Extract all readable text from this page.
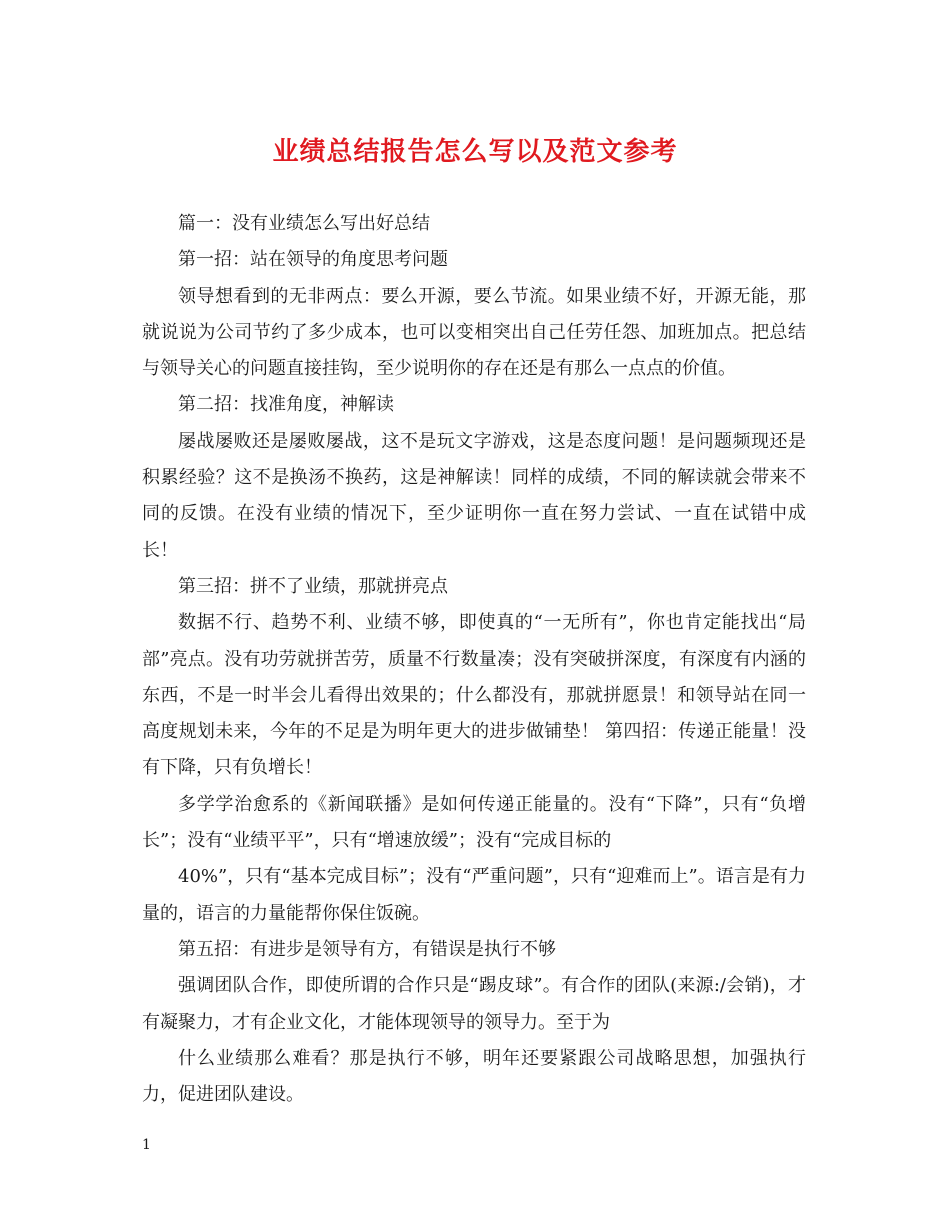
业绩总结报告怎么写以及范文参考

篇一：没有业绩怎么写出好总结

第一招：站在领导的角度思考问题

领导想看到的无非两点：要么开源，要么节流。如果业绩不好，开源无能，那就说说为公司节约了多少成本，也可以变相突出自己任劳任怨、加班加点。把总结与领导关心的问题直接挂钩，至少说明你的存在还是有那么一点点的价值。

第二招：找准角度，神解读

屡战屡败还是屡败屡战，这不是玩文字游戏，这是态度问题！是问题频现还是积累经验？这不是换汤不换药，这是神解读！同样的成绩，不同的解读就会带来不同的反馈。在没有业绩的情况下，至少证明你一直在努力尝试、一直在试错中成长！

第三招：拼不了业绩，那就拼亮点

数据不行、趋势不利、业绩不够，即使真的“一无所有”，你也肯定能找出“局部”亮点。没有功劳就拼苦劳，质量不行数量凑；没有突破拼深度，有深度有内涵的东西，不是一时半会儿看得出效果的；什么都没有，那就拼愿景！和领导站在同一高度规划未来，今年的不足是为明年更大的进步做铺垫！ 第四招：传递正能量！没有下降，只有负增长！

多学学治愈系的《新闻联播》是如何传递正能量的。没有“下降”，只有“负增长”；没有“业绩平平”，只有“增速放缓”；没有“完成目标的

40%”，只有“基本完成目标”；没有“严重问题”，只有“迎难而上”。语言是有力量的，语言的力量能帮你保住饭碗。

第五招：有进步是领导有方，有错误是执行不够

强调团队合作，即使所谓的合作只是“踢皮球”。有合作的团队(来源:/会销)，才有凝聚力，才有企业文化，才能体现领导的领导力。至于为

什么业绩那么难看？那是执行不够，明年还要紧跟公司战略思想，加强执行力，促进团队建设。

1
